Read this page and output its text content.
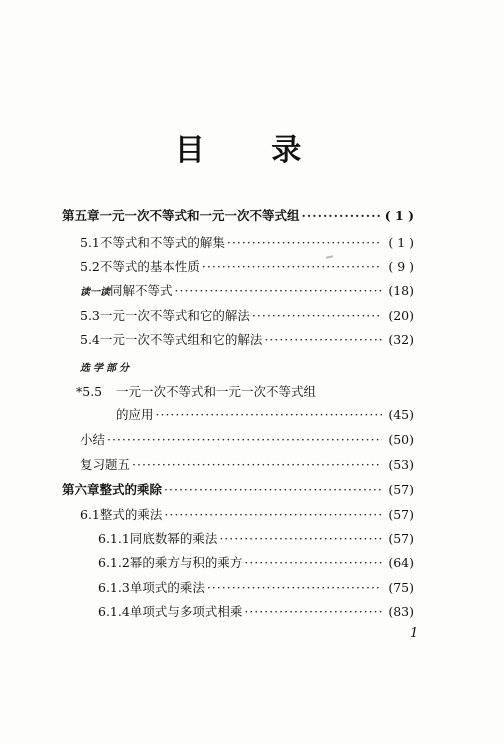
目 录
第五章 一元一次不等式和一元一次不等式组 ·····	( 1 )
5.1 不等式和不等式的解集 ·····	( 1 )
5.2 不等式的基本性质 ·····	( 9 )
读一读 同解不等式 ·····	(18)
5.3 一元一次不等式和它的解法 ·····	(20)
5.4 一元一次不等式组和它的解法 ·····	(32)
选学部分
*5.5	一元一次不等式和一元一次不等式组
的应用 ·····	(45)
小结 ·····	(50)
复习题五 ·····	(53)
第六章 整式的乘除 ·····	(57)
6.1 整式的乘法 ·····	(57)
6.1.1 同底数幂的乘法 ·····	(57)
6.1.2 幂的乘方与积的乘方 ·····	(64)
6.1.3 单项式的乘法 ·····	(75)
6.1.4 单项式与多项式相乘 ·····	(83)
1
